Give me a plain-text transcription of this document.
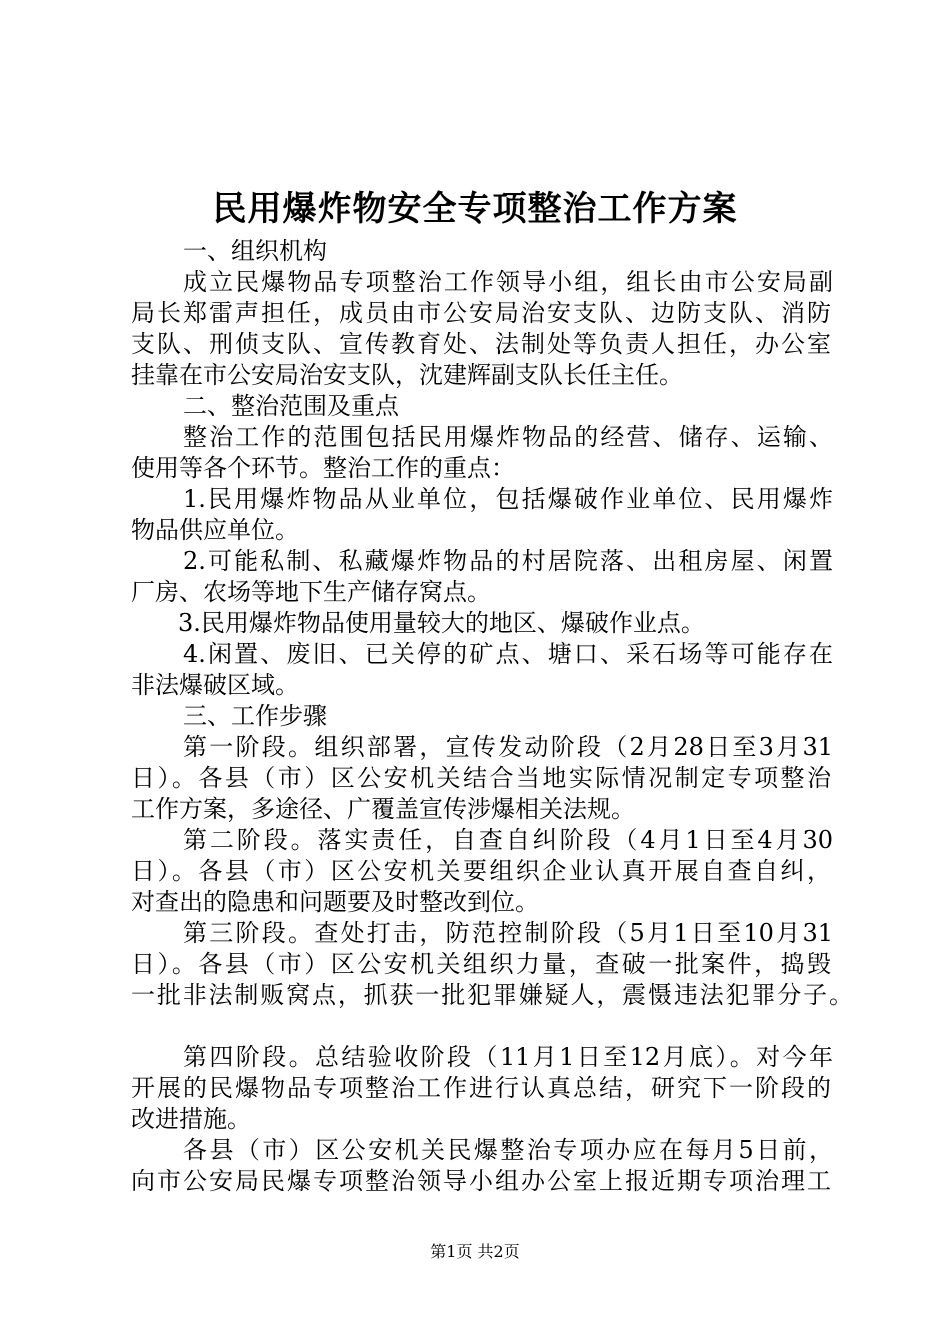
民用爆炸物安全专项整治工作方案
一、组织机构
成立民爆物品专项整治工作领导小组，组长由市公安局副
局长郑雷声担任，成员由市公安局治安支队、边防支队、消防
支队、刑侦支队、宣传教育处、法制处等负责人担任，办公室
挂靠在市公安局治安支队，沈建辉副支队长任主任。
二、整治范围及重点
整治工作的范围包括民用爆炸物品的经营、储存、运输、
使用等各个环节。整治工作的重点：
1.民用爆炸物品从业单位，包括爆破作业单位、民用爆炸
物品供应单位。
2.可能私制、私藏爆炸物品的村居院落、出租房屋、闲置
厂房、农场等地下生产储存窝点。
3.民用爆炸物品使用量较大的地区、爆破作业点。
4.闲置、废旧、已关停的矿点、塘口、采石场等可能存在
非法爆破区域。
三、工作步骤
第一阶段。组织部署，宣传发动阶段（2月28日至3月31
日）。各县（市）区公安机关结合当地实际情况制定专项整治
工作方案，多途径、广覆盖宣传涉爆相关法规。
第二阶段。落实责任，自查自纠阶段（4月1日至4月30
日）。各县（市）区公安机关要组织企业认真开展自查自纠，
对查出的隐患和问题要及时整改到位。
第三阶段。查处打击，防范控制阶段（5月1日至10月31
日）。各县（市）区公安机关组织力量，查破一批案件，捣毁
一批非法制贩窝点，抓获一批犯罪嫌疑人，震慑违法犯罪分子。
第四阶段。总结验收阶段（11月1日至12月底）。对今年
开展的民爆物品专项整治工作进行认真总结，研究下一阶段的
改进措施。
各县（市）区公安机关民爆整治专项办应在每月5日前，
向市公安局民爆专项整治领导小组办公室上报近期专项治理工
第1页 共2页
